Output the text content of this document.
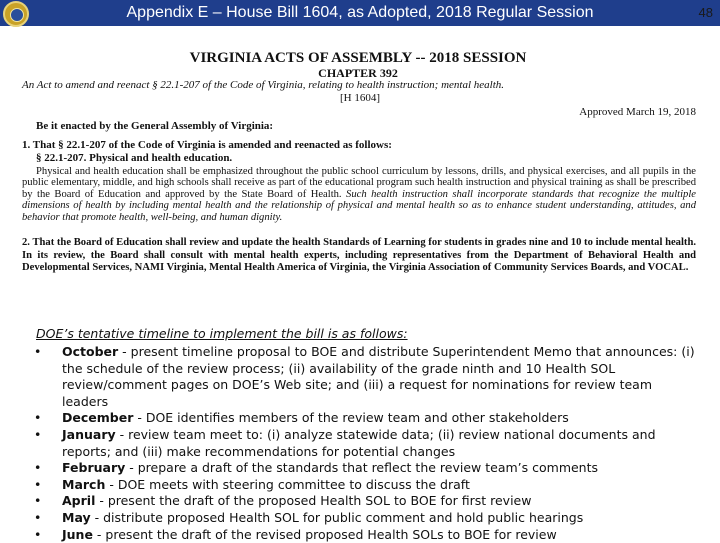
Appendix E – House Bill 1604, as Adopted, 2018 Regular Session	48
VIRGINIA ACTS OF ASSEMBLY -- 2018 SESSION
CHAPTER 392
An Act to amend and reenact § 22.1-207 of the Code of Virginia, relating to health instruction; mental health.
[H 1604]
Approved March 19, 2018
Be it enacted by the General Assembly of Virginia:
1. That § 22.1-207 of the Code of Virginia is amended and reenacted as follows:
§ 22.1-207. Physical and health education.
Physical and health education shall be emphasized throughout the public school curriculum by lessons, drills, and physical exercises, and all pupils in the public elementary, middle, and high schools shall receive as part of the educational program such health instruction and physical training as shall be prescribed by the Board of Education and approved by the State Board of Health. Such health instruction shall incorporate standards that recognize the multiple dimensions of health by including mental health and the relationship of physical and mental health so as to enhance student understanding, attitudes, and behavior that promote health, well-being, and human dignity.
2. That the Board of Education shall review and update the health Standards of Learning for students in grades nine and 10 to include mental health. In its review, the Board shall consult with mental health experts, including representatives from the Department of Behavioral Health and Developmental Services, NAMI Virginia, Mental Health America of Virginia, the Virginia Association of Community Services Boards, and VOCAL.
DOE’s tentative timeline to implement the bill is as follows:
•
October - present timeline proposal to BOE and distribute Superintendent Memo that announces: (i) the schedule of the review process; (ii) availability of the grade ninth and 10 Health SOL review/comment pages on DOE’s Web site; and (iii) a request for nominations for review team leaders
•
December - DOE identifies members of the review team and other stakeholders
•
January - review team meet to: (i) analyze statewide data; (ii) review national documents and reports; and (iii) make recommendations for potential changes
•
February - prepare a draft of the standards that reflect the review team’s comments
•
March - DOE meets with steering committee to discuss the draft
•
April - present the draft of the proposed Health SOL to BOE for first review
•
May - distribute proposed Health SOL for public comment and hold public hearings
•
June - present the draft of the revised proposed Health SOLs to BOE for review
